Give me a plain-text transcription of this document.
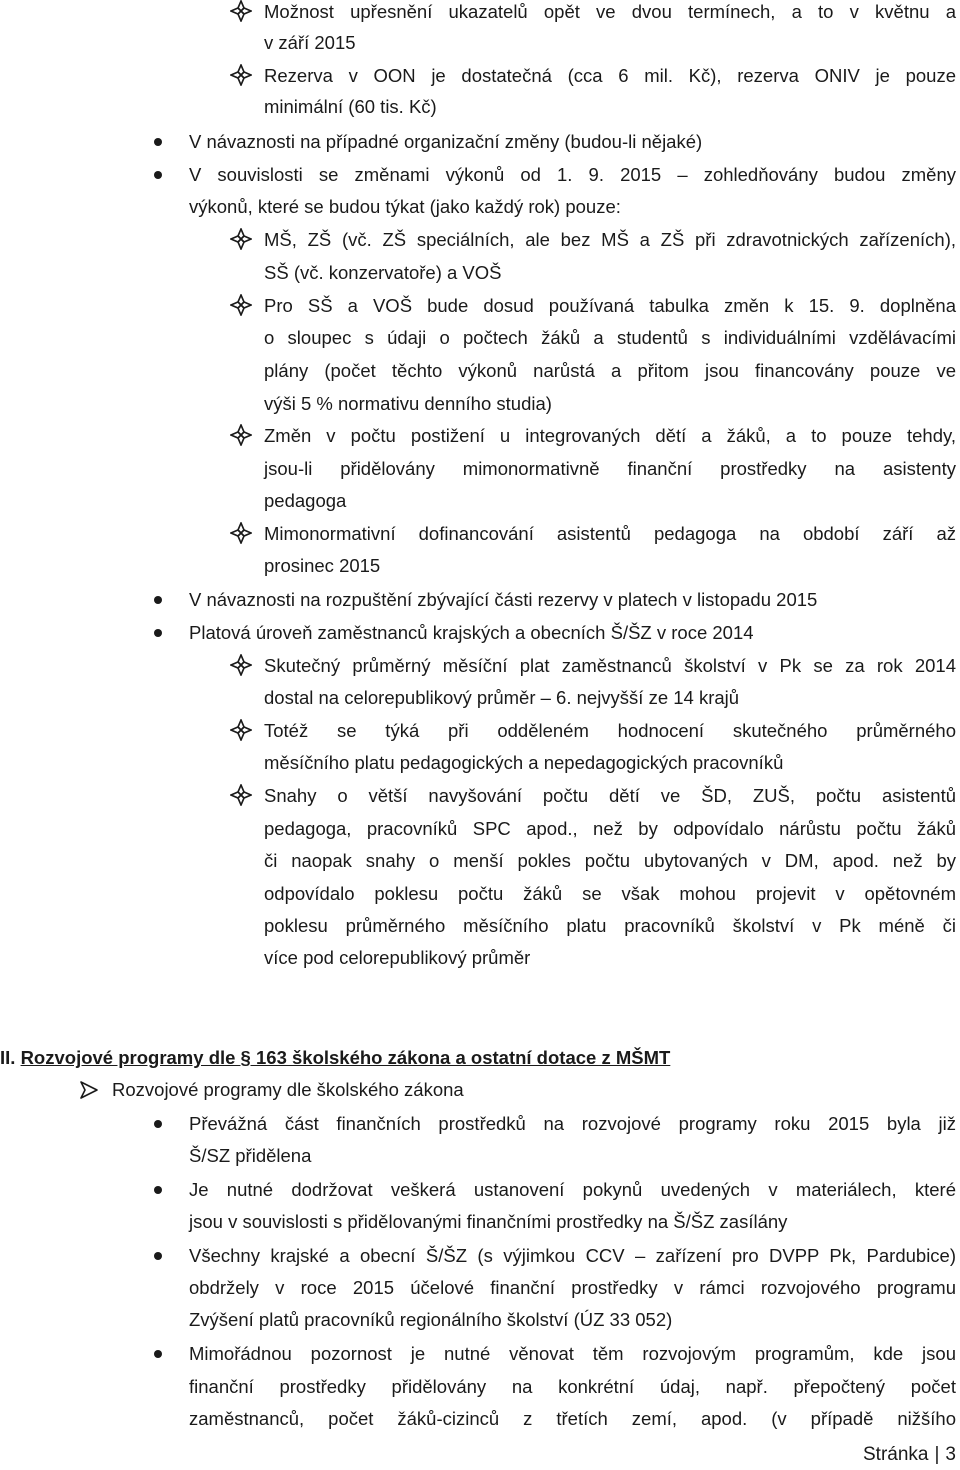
Možnost upřesnění ukazatelů opět ve dvou termínech, a to v květnu a
v září 2015
Rezerva v OON je dostatečná (cca 6 mil. Kč), rezerva ONIV je pouze
minimální (60 tis. Kč)
V návaznosti na případné organizační změny (budou-li nějaké)
V souvislosti se změnami výkonů od 1. 9. 2015 – zohledňovány budou změny
výkonů, které se budou týkat (jako každý rok) pouze:
MŠ, ZŠ (vč. ZŠ speciálních, ale bez MŠ a ZŠ při zdravotnických zařízeních),
SŠ (vč. konzervatoře) a VOŠ
Pro SŠ a VOŠ bude dosud používaná tabulka změn k 15. 9. doplněna
o sloupec s údaji o počtech žáků a studentů s individuálními vzdělávacími
plány (počet těchto výkonů narůstá a přitom jsou financovány pouze ve
výši 5 % normativu denního studia)
Změn v počtu postižení u integrovaných dětí a žáků, a to pouze tehdy,
jsou-li přidělovány mimonormativně finanční prostředky na asistenty
pedagoga
Mimonormativní dofinancování asistentů pedagoga na období září až
prosinec 2015
V návaznosti na rozpuštění zbývající části rezervy v platech v listopadu 2015
Platová úroveň zaměstnanců krajských a obecních Š/ŠZ v roce 2014
Skutečný průměrný měsíční plat zaměstnanců školství v Pk se za rok 2014
dostal na celorepublikový průměr – 6. nejvyšší ze 14 krajů
Totéž se týká při odděleném hodnocení skutečného průměrného
měsíčního platu pedagogických a nepedagogických pracovníků
Snahy o větší navyšování počtu dětí ve ŠD, ZUŠ, počtu asistentů
pedagoga, pracovníků SPC apod., než by odpovídalo nárůstu počtu žáků
či naopak snahy o menší pokles počtu ubytovaných v DM, apod. než by
odpovídalo poklesu počtu žáků se však mohou projevit v opětovném
poklesu průměrného měsíčního platu pracovníků školství v Pk méně či
více pod celorepublikový průměr
II. Rozvojové programy dle § 163 školského zákona a ostatní dotace z MŠMT
Rozvojové programy dle školského zákona
Převážná část finančních prostředků na rozvojové programy roku 2015 byla již
Š/SZ přidělena
Je nutné dodržovat veškerá ustanovení pokynů uvedených v materiálech, které
jsou v souvislosti s přidělovanými finančními prostředky na Š/ŠZ zasílány
Všechny krajské a obecní Š/ŠZ (s výjimkou CCV – zařízení pro DVPP Pk, Pardubice)
obdržely v roce 2015 účelové finanční prostředky v rámci rozvojového programu
Zvýšení platů pracovníků regionálního školství (ÚZ 33 052)
Mimořádnou pozornost je nutné věnovat těm rozvojovým programům, kde jsou
finanční prostředky přidělovány na konkrétní údaj, např. přepočtený počet
zaměstnanců, počet žáků-cizinců z třetích zemí, apod. (v případě nižšího
Stránka | 3
